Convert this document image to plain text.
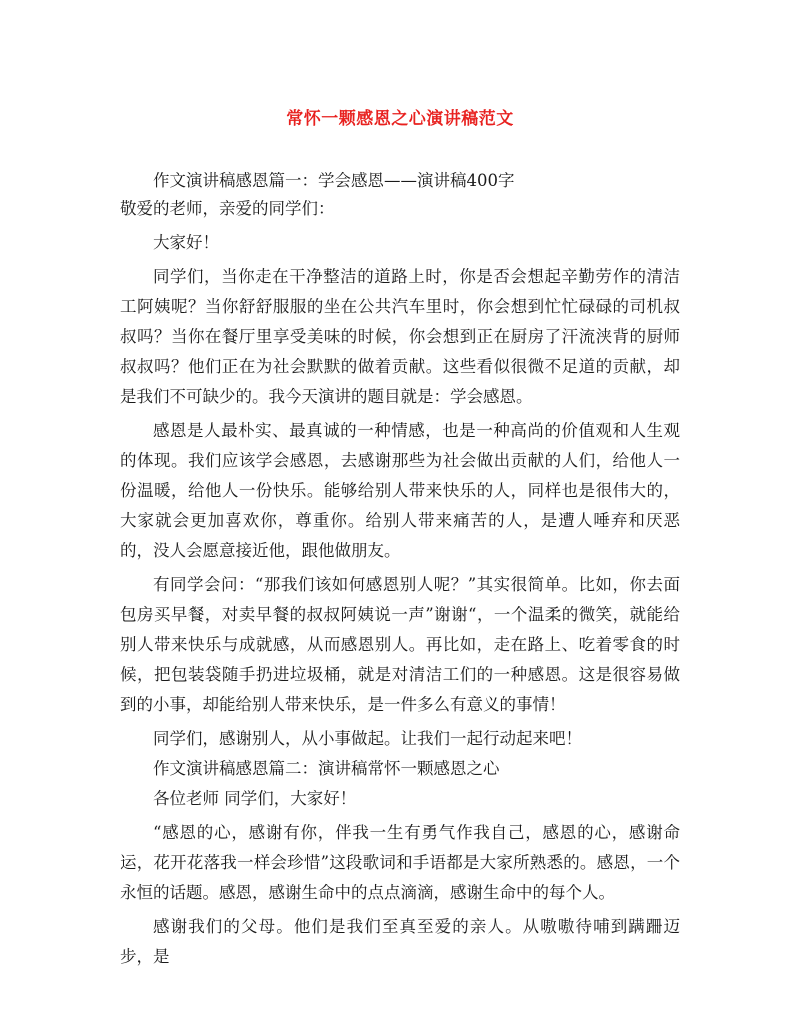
常怀一颗感恩之心演讲稿范文

作文演讲稿感恩篇一：学会感恩——演讲稿400字

敬爱的老师，亲爱的同学们：

大家好！

同学们，当你走在干净整洁的道路上时，你是否会想起辛勤劳作的清洁工阿姨呢？当你舒舒服服的坐在公共汽车里时，你会想到忙忙碌碌的司机叔叔吗？当你在餐厅里享受美味的时候，你会想到正在厨房了汗流浃背的厨师叔叔吗？他们正在为社会默默的做着贡献。这些看似很微不足道的贡献，却是我们不可缺少的。我今天演讲的题目就是：学会感恩。

感恩是人最朴实、最真诚的一种情感，也是一种高尚的价值观和人生观的体现。我们应该学会感恩，去感谢那些为社会做出贡献的人们，给他人一份温暖，给他人一份快乐。能够给别人带来快乐的人，同样也是很伟大的，大家就会更加喜欢你，尊重你。给别人带来痛苦的人，是遭人唾弃和厌恶的，没人会愿意接近他，跟他做朋友。

有同学会问：“那我们该如何感恩别人呢？”其实很简单。比如，你去面包房买早餐，对卖早餐的叔叔阿姨说一声”谢谢“，一个温柔的微笑，就能给别人带来快乐与成就感，从而感恩别人。再比如，走在路上、吃着零食的时候，把包装袋随手扔进垃圾桶，就是对清洁工们的一种感恩。这是很容易做到的小事，却能给别人带来快乐，是一件多么有意义的事情！

同学们，感谢别人，从小事做起。让我们一起行动起来吧！

作文演讲稿感恩篇二：演讲稿常怀一颗感恩之心

各位老师 同学们，大家好！

“感恩的心，感谢有你，伴我一生有勇气作我自己，感恩的心，感谢命运，花开花落我一样会珍惜”这段歌词和手语都是大家所熟悉的。感恩，一个永恒的话题。感恩，感谢生命中的点点滴滴，感谢生命中的每个人。

感谢我们的父母。他们是我们至真至爱的亲人。从嗷嗷待哺到蹒跚迈步，是
